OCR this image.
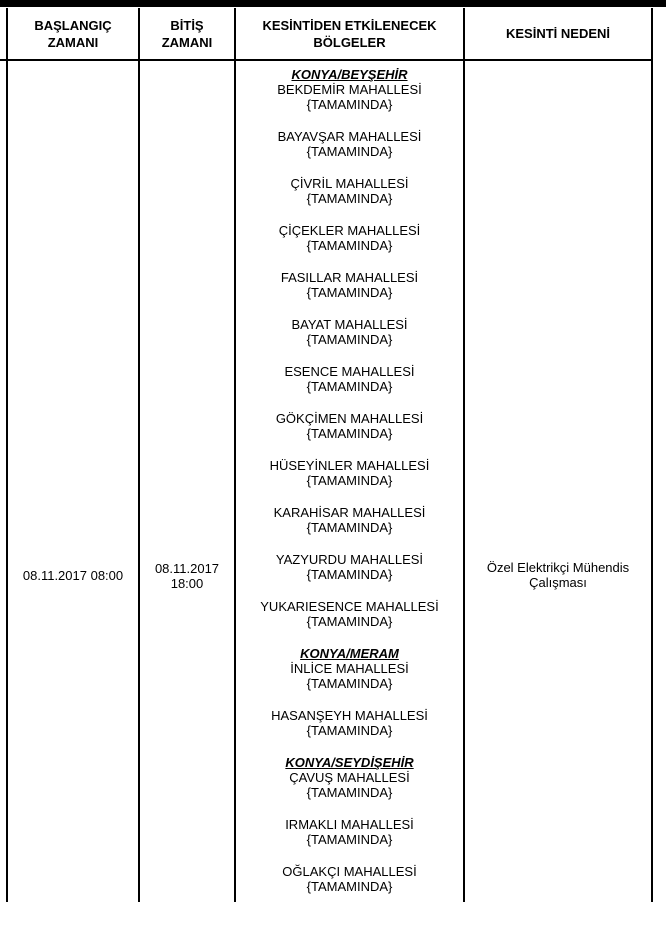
BAŞLANGIÇ
ZAMANI
BİTİŞ
ZAMANI
KESİNTİDEN ETKİLENECEK
BÖLGELER
KESİNTİ NEDENİ
08.11.2017 08:00	08.11.2017
18:00
KONYA/BEYŞEHİR
BEKDEMİR MAHALLESİ
{TAMAMINDA}
BAYAVŞAR MAHALLESİ
{TAMAMINDA}
ÇİVRİL MAHALLESİ
{TAMAMINDA}
ÇİÇEKLER MAHALLESİ
{TAMAMINDA}
FASILLAR MAHALLESİ
{TAMAMINDA}
BAYAT MAHALLESİ
{TAMAMINDA}
ESENCE MAHALLESİ
{TAMAMINDA}
GÖKÇİMEN MAHALLESİ
{TAMAMINDA}
HÜSEYİNLER MAHALLESİ
{TAMAMINDA}
KARAHİSAR MAHALLESİ
{TAMAMINDA}
YAZYURDU MAHALLESİ
{TAMAMINDA}
YUKARIESENCE MAHALLESİ
{TAMAMINDA}
KONYA/MERAM
İNLİCE MAHALLESİ
{TAMAMINDA}
HASANŞEYH MAHALLESİ
{TAMAMINDA}
KONYA/SEYDİŞEHİR
ÇAVUŞ MAHALLESİ
{TAMAMINDA}
IRMAKLI MAHALLESİ
{TAMAMINDA}
OĞLAKÇI MAHALLESİ
{TAMAMINDA}
Özel Elektrikçi Mühendis
Çalışması
